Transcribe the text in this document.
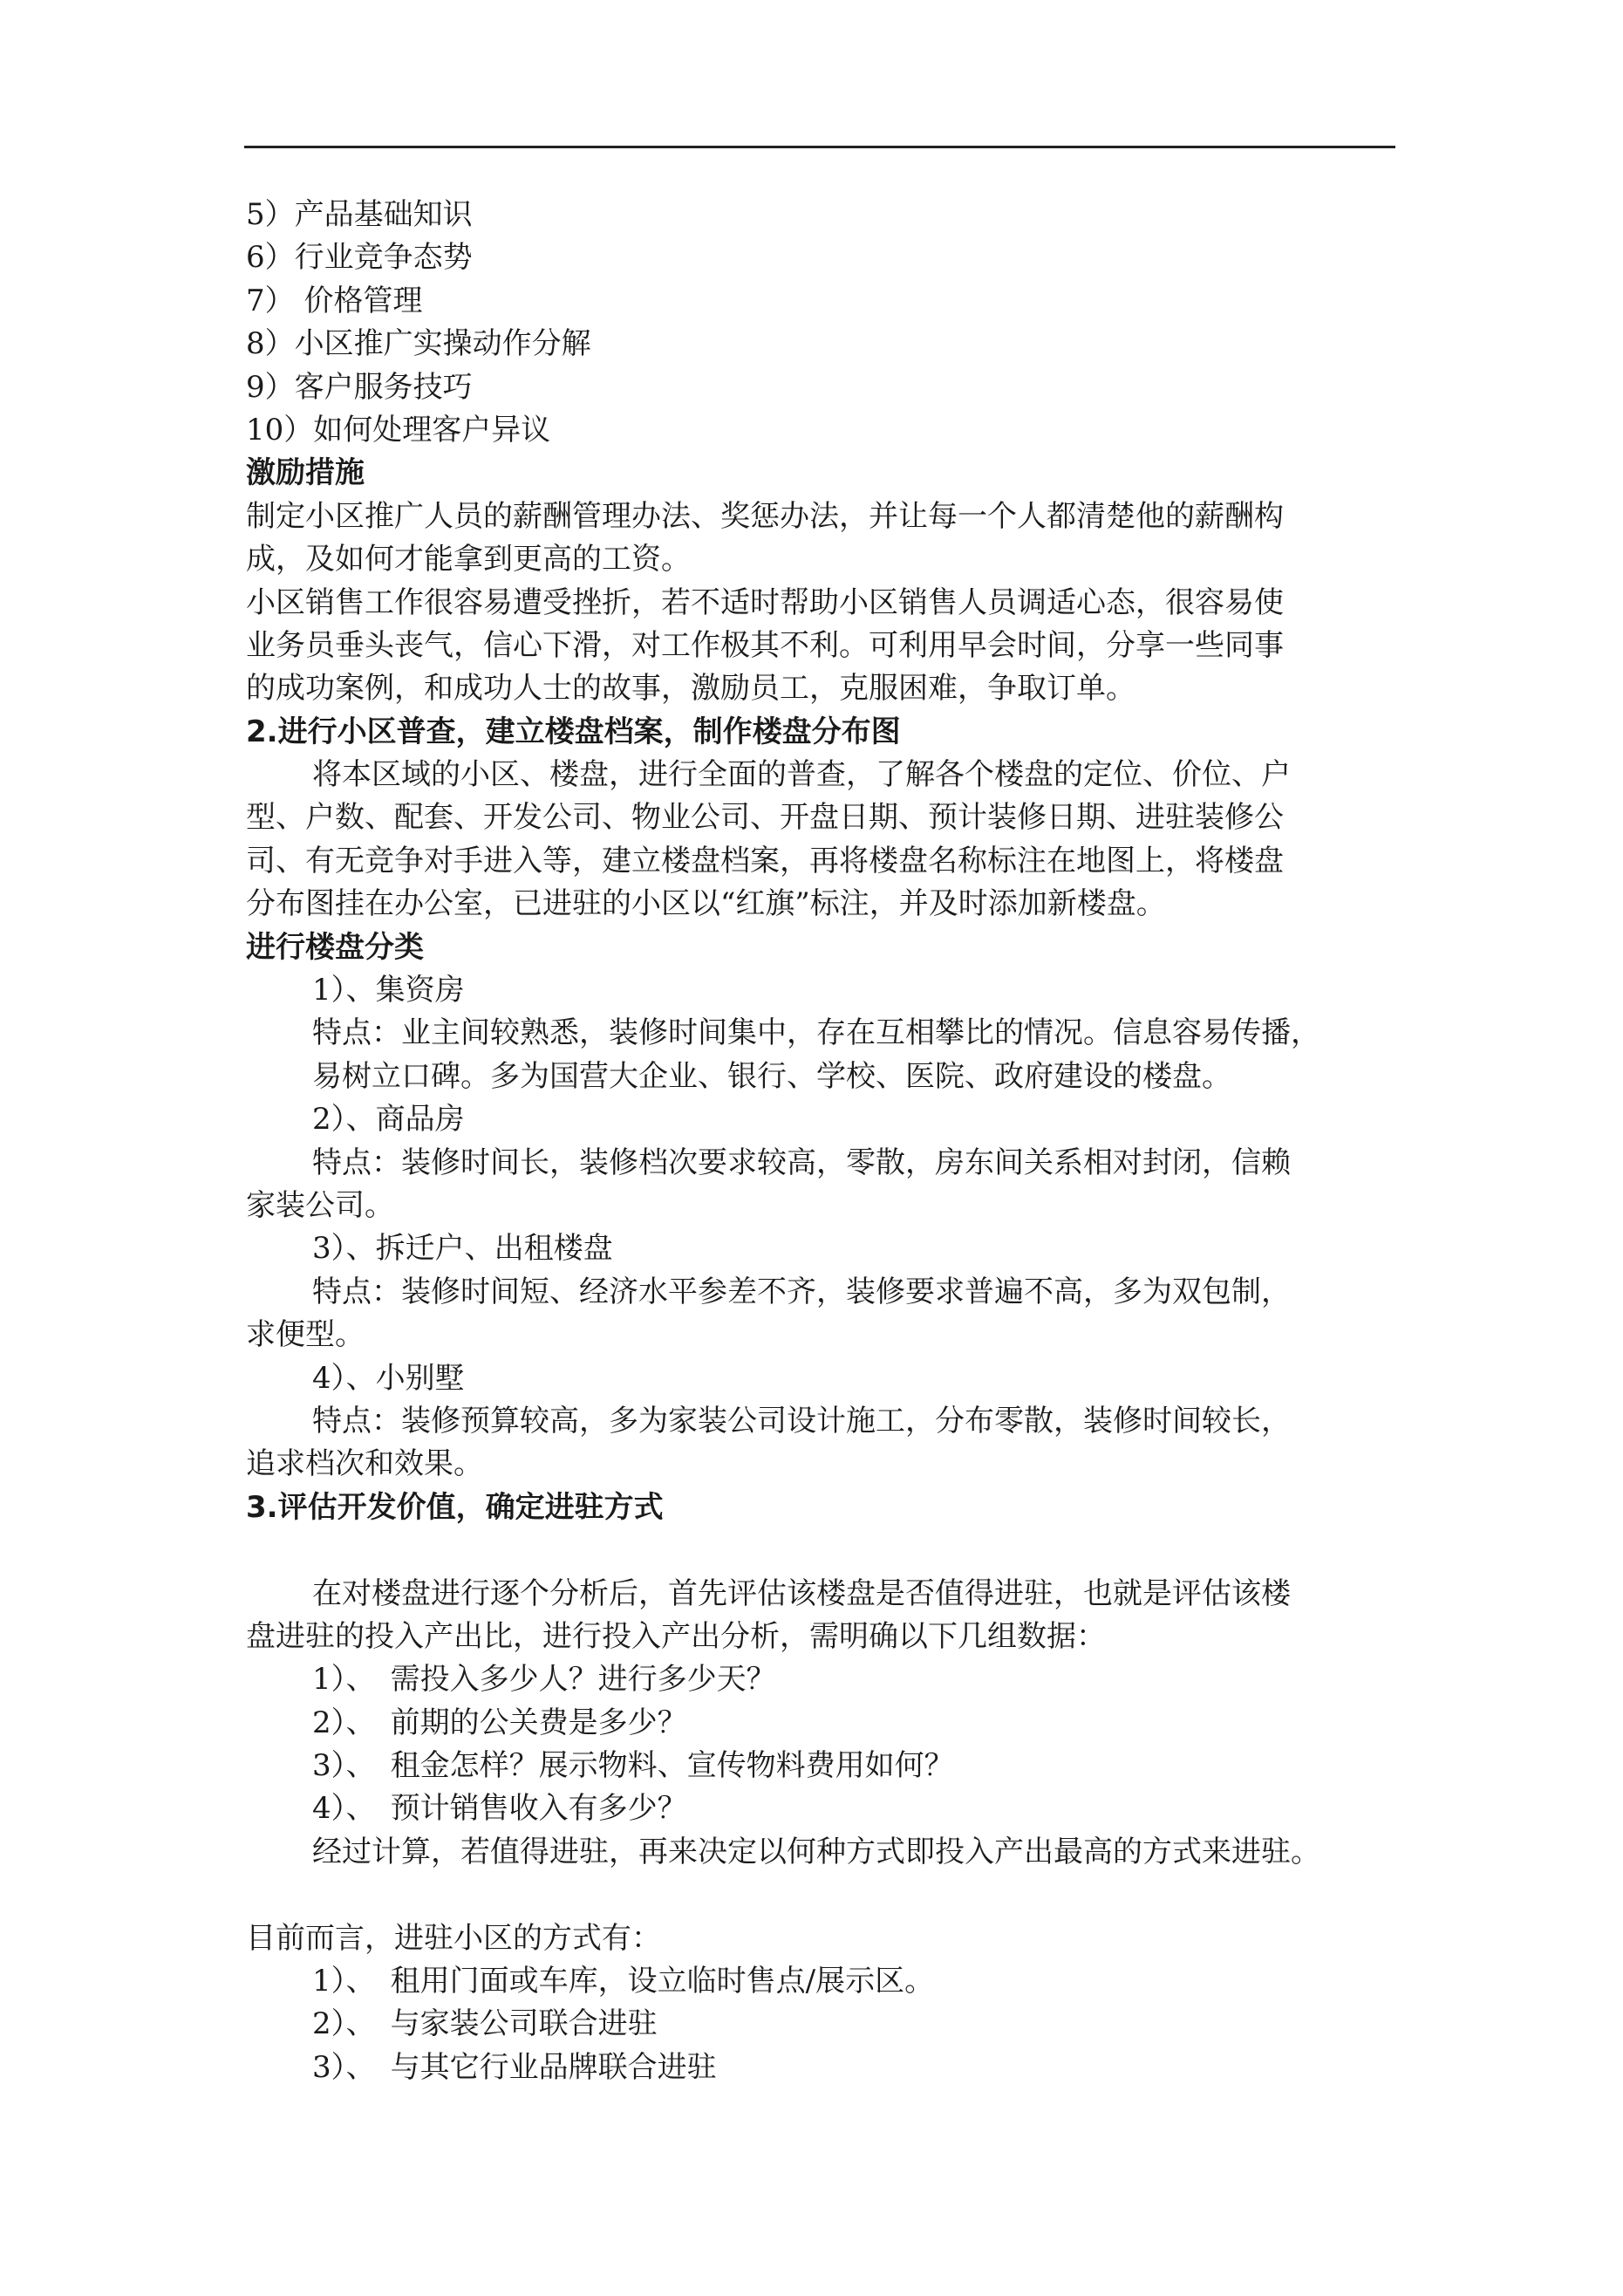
5）产品基础知识
6）行业竞争态势
7） 价格管理
8）小区推广实操动作分解
9）客户服务技巧
10）如何处理客户异议
激励措施
制定小区推广人员的薪酬管理办法、奖惩办法，并让每一个人都清楚他的薪酬构
成，及如何才能拿到更高的工资。
小区销售工作很容易遭受挫折，若不适时帮助小区销售人员调适心态，很容易使
业务员垂头丧气，信心下滑，对工作极其不利。可利用早会时间，分享一些同事
的成功案例，和成功人士的故事，激励员工，克服困难，争取订单。
2.进行小区普查，建立楼盘档案，制作楼盘分布图
将本区域的小区、楼盘，进行全面的普查，了解各个楼盘的定位、价位、户
型、户数、配套、开发公司、物业公司、开盘日期、预计装修日期、进驻装修公
司、有无竞争对手进入等，建立楼盘档案，再将楼盘名称标注在地图上，将楼盘
分布图挂在办公室，已进驻的小区以“红旗”标注，并及时添加新楼盘。
进行楼盘分类
1）、集资房
特点：业主间较熟悉，装修时间集中，存在互相攀比的情况。信息容易传播，
易树立口碑。多为国营大企业、银行、学校、医院、政府建设的楼盘。
2）、商品房
特点：装修时间长，装修档次要求较高，零散，房东间关系相对封闭，信赖
家装公司。
3）、拆迁户、出租楼盘
特点：装修时间短、经济水平参差不齐，装修要求普遍不高，多为双包制，
求便型。
4）、小别墅
特点：装修预算较高，多为家装公司设计施工，分布零散，装修时间较长，
追求档次和效果。
3.评估开发价值，确定进驻方式
在对楼盘进行逐个分析后，首先评估该楼盘是否值得进驻，也就是评估该楼
盘进驻的投入产出比，进行投入产出分析，需明确以下几组数据：
1）、　需投入多少人？进行多少天？
2）、　前期的公关费是多少？
3）、　租金怎样？展示物料、宣传物料费用如何？
4）、　预计销售收入有多少？
经过计算，若值得进驻，再来决定以何种方式即投入产出最高的方式来进驻。
目前而言，进驻小区的方式有：
1）、　租用门面或车库，设立临时售点/展示区。
2）、　与家装公司联合进驻
3）、　与其它行业品牌联合进驻
